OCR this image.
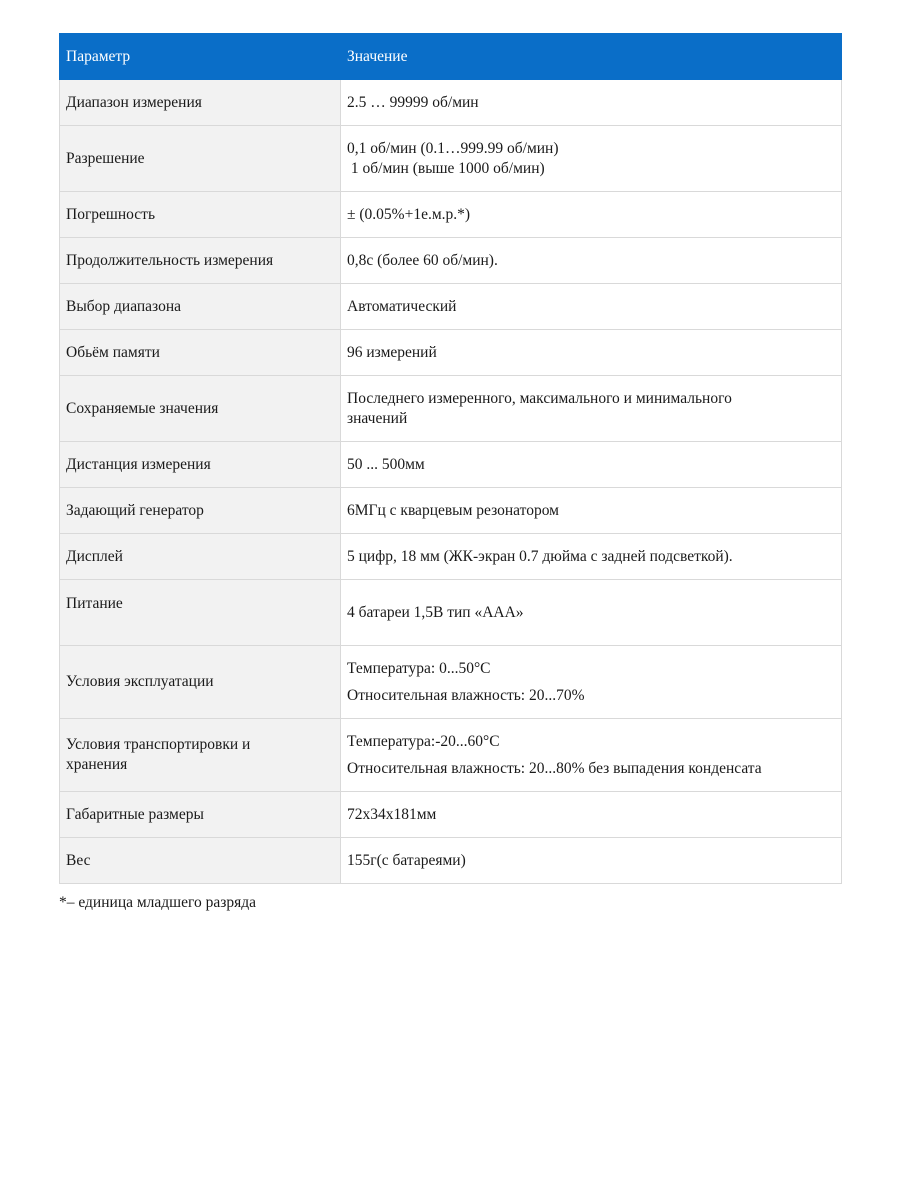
Параметр	Значение

Диапазон измерения	2.5 … 99999 об/мин

Разрешение	0,1 об/мин (0.1…999.99 об/мин)
1 об/мин (выше 1000 об/мин)

Погрешность	± (0.05%+1е.м.р.*)

Продолжительность измерения	0,8с (более 60 об/мин).

Выбор диапазона	Автоматический

Обьём памяти	96 измерений

Сохраняемые значения	Последнего измеренного, максимального и минимального
значений

Дистанция измерения	50 ... 500мм

Задающий генератор	6МГц с кварцевым резонатором

Дисплей	5 цифр, 18 мм (ЖК-экран 0.7 дюйма с задней подсветкой).

Питание	4 батареи 1,5В тип «ААА»

Условия эксплуатации	Температура: 0...50°С
Относительная влажность: 20...70%

Условия транспортировки и
хранения	Температура:-20...60°С
Относительная влажность: 20...80% без выпадения конденсата

Габаритные размеры	72х34х181мм

Вес	155г(с батареями)
*– единица младшего разряда
